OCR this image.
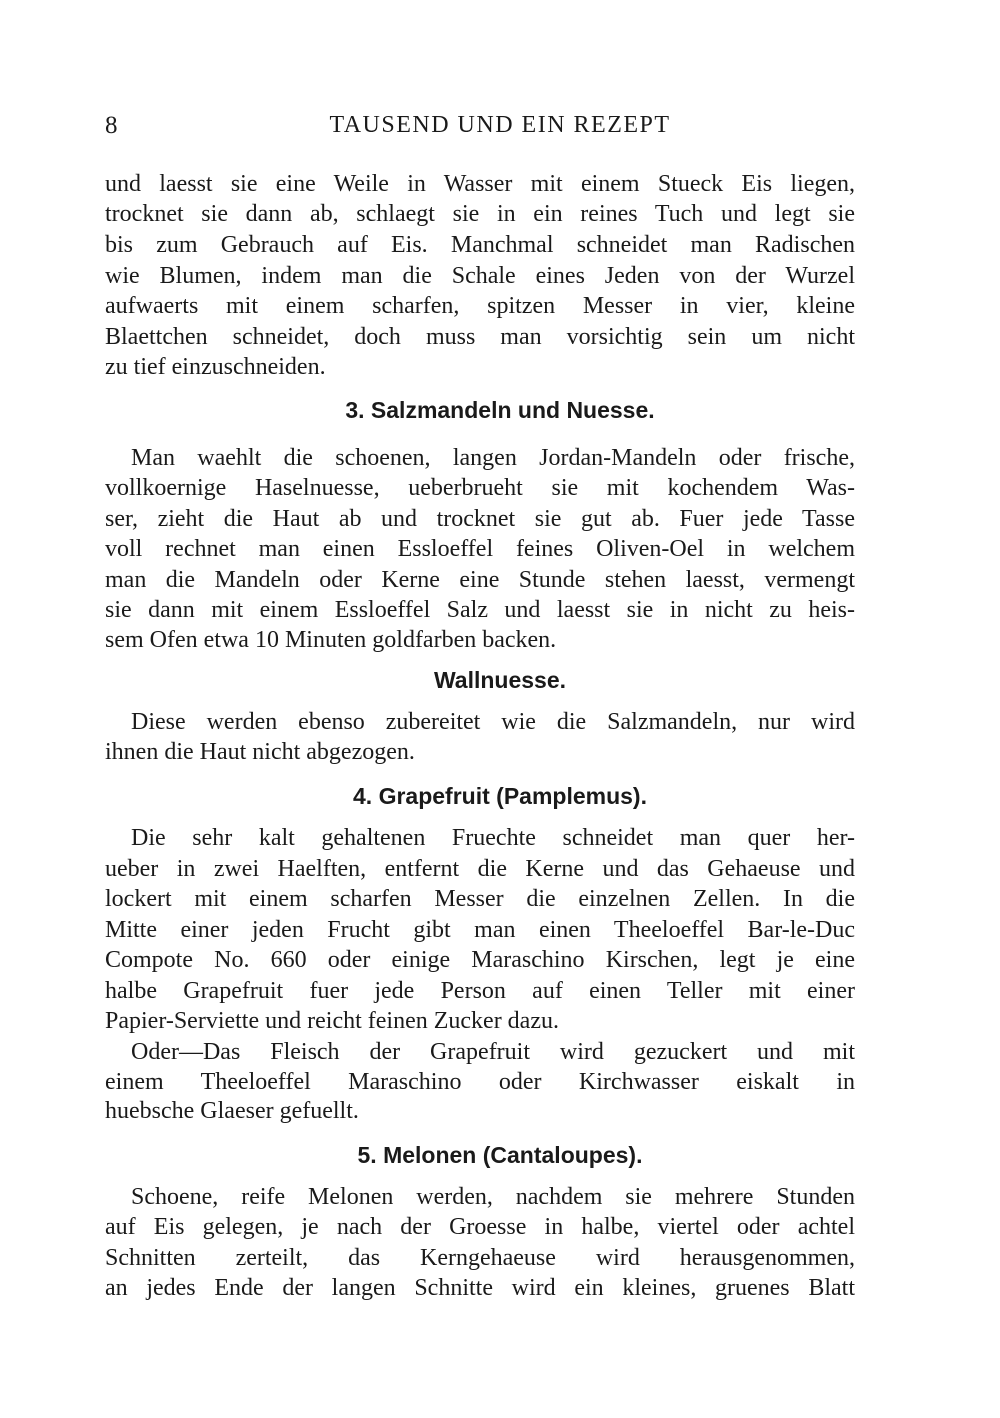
8	TAUSEND UND EIN REZEPT
und laesst sie eine Weile in Wasser mit einem Stueck Eis liegen,
trocknet sie dann ab, schlaegt sie in ein reines Tuch und legt sie
bis zum Gebrauch auf Eis. Manchmal schneidet man Radischen
wie Blumen, indem man die Schale eines Jeden von der Wurzel
aufwaerts mit einem scharfen, spitzen Messer in vier, kleine
Blaettchen schneidet, doch muss man vorsichtig sein um nicht
zu tief einzuschneiden.
3. Salzmandeln und Nuesse.
Man waehlt die schoenen, langen Jordan-Mandeln oder frische,
vollkoernige Haselnuesse, ueberbrueht sie mit kochendem Was-
ser, zieht die Haut ab und trocknet sie gut ab. Fuer jede Tasse
voll rechnet man einen Essloeffel feines Oliven-Oel in welchem
man die Mandeln oder Kerne eine Stunde stehen laesst, vermengt
sie dann mit einem Essloeffel Salz und laesst sie in nicht zu heis-
sem Ofen etwa 10 Minuten goldfarben backen.
Wallnuesse.
Diese werden ebenso zubereitet wie die Salzmandeln, nur wird
ihnen die Haut nicht abgezogen.
4. Grapefruit (Pamplemus).
Die sehr kalt gehaltenen Fruechte schneidet man quer her-
ueber in zwei Haelften, entfernt die Kerne und das Gehaeuse und
lockert mit einem scharfen Messer die einzelnen Zellen. In die
Mitte einer jeden Frucht gibt man einen Theeloeffel Bar-le-Duc
Compote No. 660 oder einige Maraschino Kirschen, legt je eine
halbe Grapefruit fuer jede Person auf einen Teller mit einer
Papier-Serviette und reicht feinen Zucker dazu.
Oder—Das Fleisch der Grapefruit wird gezuckert und mit
einem Theeloeffel Maraschino oder Kirchwasser eiskalt in
huebsche Glaeser gefuellt.
5. Melonen (Cantaloupes).
Schoene, reife Melonen werden, nachdem sie mehrere Stunden
auf Eis gelegen, je nach der Groesse in halbe, viertel oder achtel
Schnitten zerteilt, das Kerngehaeuse wird herausgenommen,
an jedes Ende der langen Schnitte wird ein kleines, gruenes Blatt
